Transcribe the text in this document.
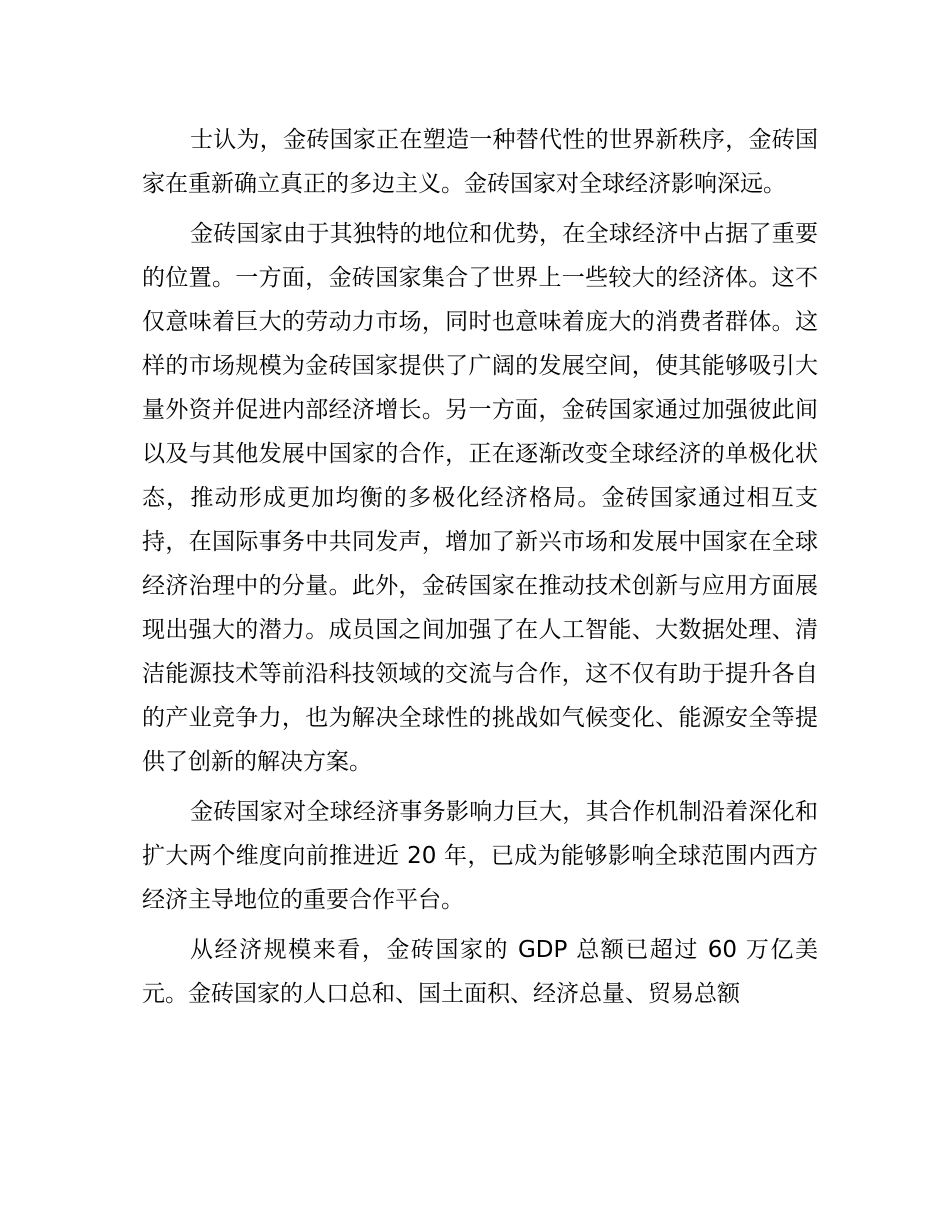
士认为，金砖国家正在塑造一种替代性的世界新秩序，金砖国家在重新确立真正的多边主义。金砖国家对全球经济影响深远。

金砖国家由于其独特的地位和优势，在全球经济中占据了重要的位置。一方面，金砖国家集合了世界上一些较大的经济体。这不仅意味着巨大的劳动力市场，同时也意味着庞大的消费者群体。这样的市场规模为金砖国家提供了广阔的发展空间，使其能够吸引大量外资并促进内部经济增长。另一方面，金砖国家通过加强彼此间以及与其他发展中国家的合作，正在逐渐改变全球经济的单极化状态，推动形成更加均衡的多极化经济格局。金砖国家通过相互支持，在国际事务中共同发声，增加了新兴市场和发展中国家在全球经济治理中的分量。此外，金砖国家在推动技术创新与应用方面展现出强大的潜力。成员国之间加强了在人工智能、大数据处理、清洁能源技术等前沿科技领域的交流与合作，这不仅有助于提升各自的产业竞争力，也为解决全球性的挑战如气候变化、能源安全等提供了创新的解决方案。

金砖国家对全球经济事务影响力巨大，其合作机制沿着深化和扩大两个维度向前推进近 20 年，已成为能够影响全球范围内西方经济主导地位的重要合作平台。

从经济规模来看，金砖国家的 GDP 总额已超过 60 万亿美元。金砖国家的人口总和、国土面积、经济总量、贸易总额
